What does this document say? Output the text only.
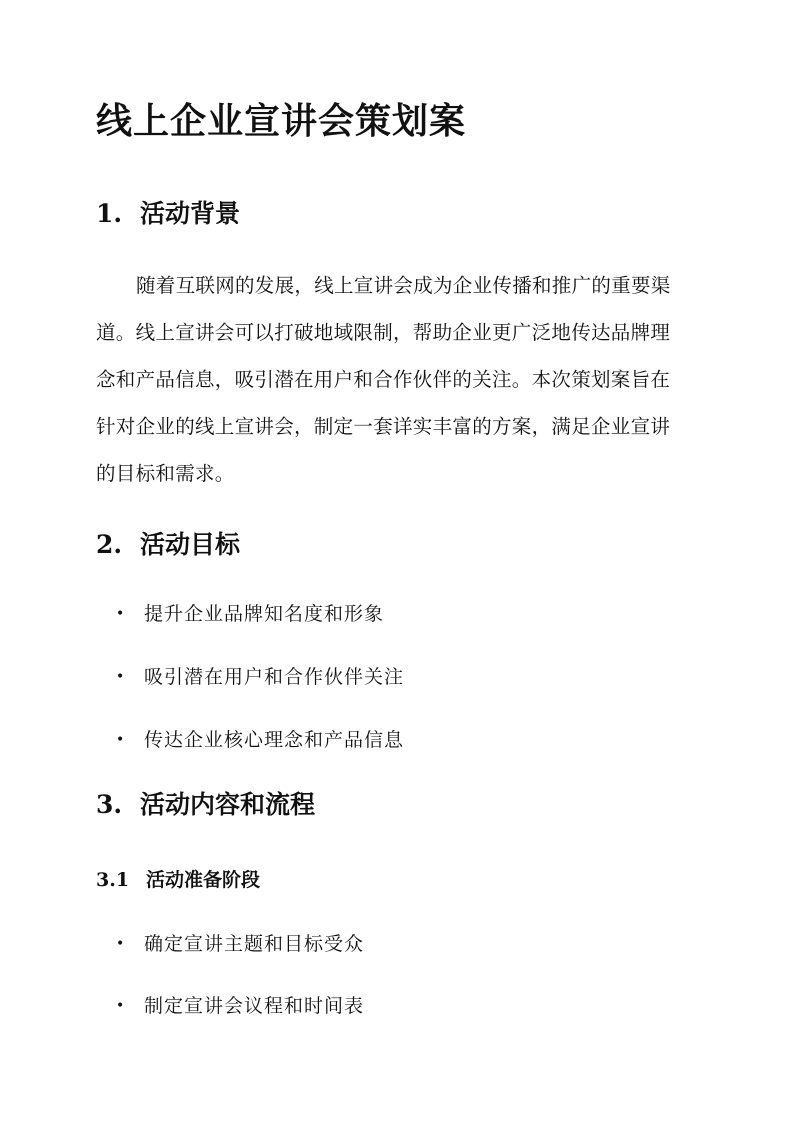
线上企业宣讲会策划案
1. 活动背景

随着互联网的发展，线上宣讲会成为企业传播和推广的重要渠
道。线上宣讲会可以打破地域限制，帮助企业更广泛地传达品牌理
念和产品信息，吸引潜在用户和合作伙伴的关注。本次策划案旨在
针对企业的线上宣讲会，制定一套详实丰富的方案，满足企业宣讲
的目标和需求。

2. 活动目标
• 提升企业品牌知名度和形象
• 吸引潜在用户和合作伙伴关注
• 传达企业核心理念和产品信息
3. 活动内容和流程
3.1 活动准备阶段
• 确定宣讲主题和目标受众
• 制定宣讲会议程和时间表
